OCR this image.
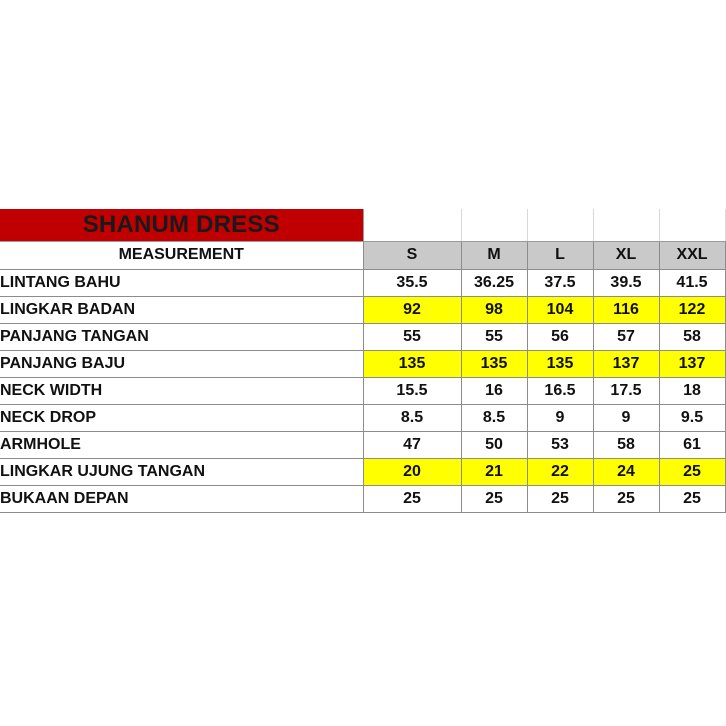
SHANUM DRESS					
MEASUREMENT	S	M	L	XL	XXL
LINTANG BAHU	35.5	36.25	37.5	39.5	41.5
LINGKAR BADAN	92	98	104	116	122
PANJANG TANGAN	55	55	56	57	58
PANJANG BAJU	135	135	135	137	137
NECK WIDTH	15.5	16	16.5	17.5	18
NECK DROP	8.5	8.5	9	9	9.5
ARMHOLE	47	50	53	58	61
LINGKAR UJUNG TANGAN	20	21	22	24	25
BUKAAN DEPAN	25	25	25	25	25
